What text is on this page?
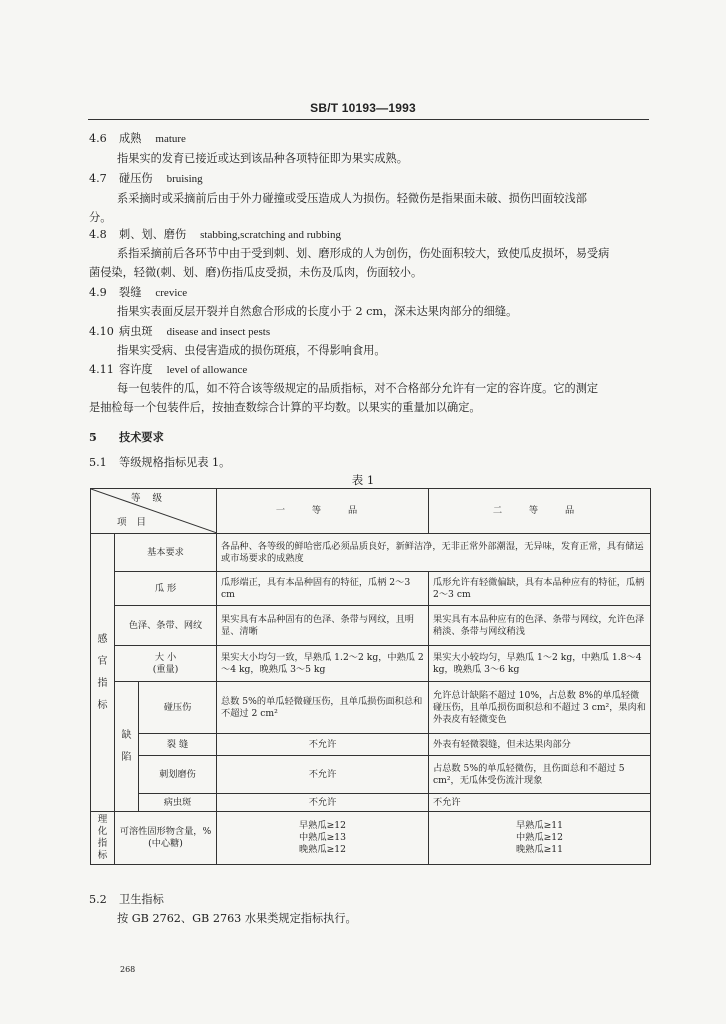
SB/T 10193—1993
4.6 成熟 mature
指果实的发育已接近或达到该品种各项特征即为果实成熟。
4.7 碰压伤 bruising
系采摘时或采摘前后由于外力碰撞或受压造成人为损伤。轻微伤是指果面未破、损伤凹面较浅部
分。
4.8 刺、划、磨伤 stabbing,scratching and rubbing
系指采摘前后各环节中由于受到刺、划、磨形成的人为创伤，伤处面积较大，致使瓜皮损坏，易受病
菌侵染，轻微(刺、划、磨)伤指瓜皮受损，未伤及瓜肉，伤面较小。
4.9 裂缝 crevice
指果实表面反层开裂并自然愈合形成的长度小于 2 cm，深未达果肉部分的细缝。
4.10 病虫斑 disease and insect pests
指果实受病、虫侵害造成的损伤斑痕，不得影响食用。
4.11 容许度 level of allowance
每一包装件的瓜，如不符合该等级规定的品质指标，对不合格部分允许有一定的容许度。它的测定
是抽检每一个包装件后，按抽查数综合计算的平均数。以果实的重量加以确定。
5 技术要求
5.1 等级规格指标见表 1。
表 1
等级
项目			一 等 品	二 等 品

感
官
指
标	基本要求		各品种、各等级的鲜哈密瓜必须品质良好，新鲜洁净，无非正常外部潮湿，无异味，发育正常，具有储运或市场要求的成熟度	
	瓜 形		瓜形端正，具有本品种固有的特征，瓜柄 2～3 cm	瓜形允许有轻微偏缺，具有本品种应有的特征，瓜柄 2～3 cm
	色泽、条带、网纹		果实具有本品种固有的色泽、条带与网纹，且明显、清晰	果实具有本品种应有的色泽、条带与网纹，允许色泽稍淡、条带与网纹稍浅
	大 小
(重量)		果实大小均匀一致，早熟瓜 1.2～2 kg，中熟瓜 2～4 kg，晚熟瓜 3～5 kg	果实大小较均匀，早熟瓜 1～2 kg，中熟瓜 1.8～4 kg，晚熟瓜 3～6 kg

	缺
陷	碰压伤	总数 5%的单瓜轻微碰压伤，且单瓜损伤面积总和不超过 2 cm²	允许总计缺陷不超过 10%，占总数 8%的单瓜轻微碰压伤，且单瓜损伤面积总和不超过 3 cm²，果肉和外表皮有轻微变色
		裂 缝	不允许	外表有轻微裂缝，但未达果肉部分
		刺划磨伤	不允许	占总数 5%的单瓜轻微伤，且伤面总和不超过 5 cm²，无瓜体受伤流汁现象
		病虫斑	不允许	不允许

理
化
指
标	可溶性固形物含量，%
(中心糖)		早熟瓜≥12
中熟瓜≥13
晚熟瓜≥12	早熟瓜≥11
中熟瓜≥12
晚熟瓜≥11
5.2 卫生指标
按 GB 2762、GB 2763 水果类规定指标执行。
268
